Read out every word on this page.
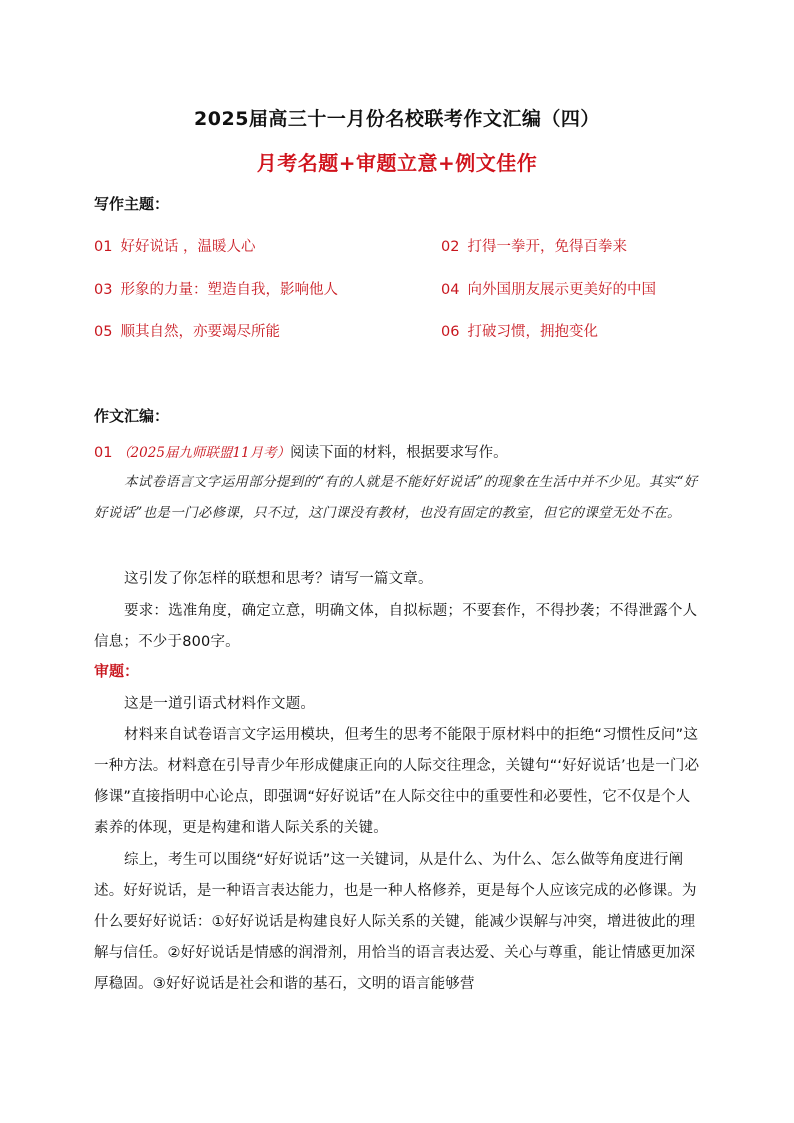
2025届高三十一月份名校联考作文汇编（四）
月考名题+审题立意+例文佳作
写作主题：
01 好好说话 ，温暖人心	02 打得一拳开，免得百拳来
03 形象的力量：塑造自我，影响他人	04 向外国朋友展示更美好的中国
05 顺其自然，亦要竭尽所能	06 打破习惯，拥抱变化
作文汇编：
01 （2025届九师联盟11月考）阅读下面的材料，根据要求写作。
本试卷语言文字运用部分提到的“有的人就是不能好好说话”的现象在生活中并不少见。其实“好好说话”也是一门必修课，只不过，这门课没有教材，也没有固定的教室，但它的课堂无处不在。
这引发了你怎样的联想和思考？请写一篇文章。
要求：选准角度，确定立意，明确文体，自拟标题；不要套作，不得抄袭；不得泄露个人信息；不少于800字。
审题：
这是一道引语式材料作文题。
材料来自试卷语言文字运用模块，但考生的思考不能限于原材料中的拒绝“习惯性反问”这一种方法。材料意在引导青少年形成健康正向的人际交往理念，关键句“‘好好说话’也是一门必修课”直接指明中心论点，即强调“好好说话”在人际交往中的重要性和必要性，它不仅是个人素养的体现，更是构建和谐人际关系的关键。
综上，考生可以围绕“好好说话”这一关键词，从是什么、为什么、怎么做等角度进行阐述。好好说话，是一种语言表达能力，也是一种人格修养，更是每个人应该完成的必修课。为什么要好好说话：①好好说话是构建良好人际关系的关键，能减少误解与冲突，增进彼此的理解与信任。②好好说话是情感的润滑剂，用恰当的语言表达爱、关心与尊重，能让情感更加深厚稳固。③好好说话是社会和谐的基石，文明的语言能够营
